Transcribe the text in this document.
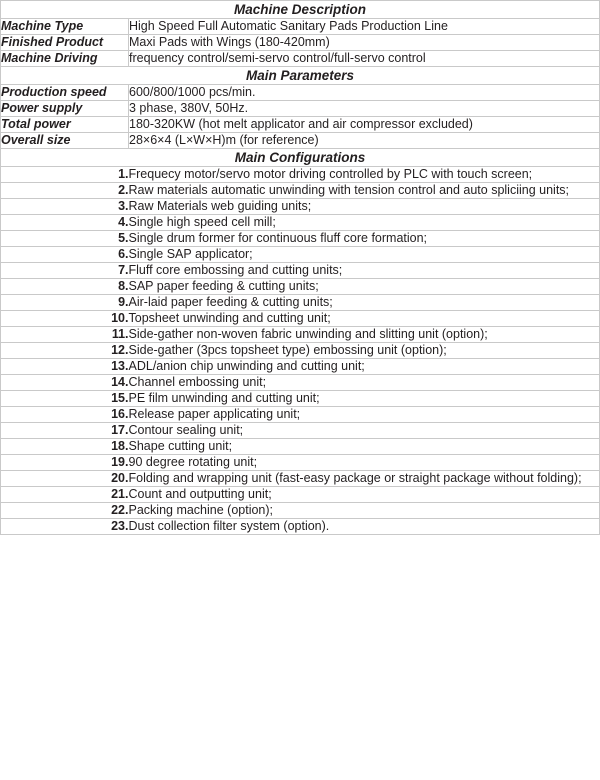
Machine Description	
Machine Type	High Speed Full Automatic Sanitary Pads Production Line
Finished Product	Maxi Pads with Wings (180-420mm)
Machine Driving	frequency control/semi-servo control/full-servo control
Main Parameters	
Production speed	600/800/1000 pcs/min.
Power supply	3 phase, 380V, 50Hz.
Total power	180-320KW (hot melt applicator and air compressor excluded)
Overall size	28×6×4 (L×W×H)m (for reference)
Main Configurations	
1.	Frequecy motor/servo motor driving controlled by PLC with touch screen;
2.	Raw materials automatic unwinding with tension control and auto spliciing units;
3.	Raw Materials web guiding units;
4.	Single high speed cell mill;
5.	Single drum former for continuous fluff core formation;
6.	Single SAP applicator;
7.	Fluff core embossing and cutting units;
8.	SAP paper feeding & cutting units;
9.	Air-laid paper feeding & cutting units;
10.	Topsheet unwinding and cutting unit;
11.	Side-gather non-woven fabric unwinding and slitting unit (option);
12.	Side-gather (3pcs topsheet type) embossing unit (option);
13.	ADL/anion chip unwinding and cutting unit;
14.	Channel embossing unit;
15.	PE film unwinding and cutting unit;
16.	Release paper applicating unit;
17.	Contour sealing unit;
18.	Shape cutting unit;
19.	90 degree rotating unit;
20.	Folding and wrapping unit (fast-easy package or straight package without folding);
21.	Count and outputting unit;
22.	Packing machine (option);
23.	Dust collection filter system (option).
